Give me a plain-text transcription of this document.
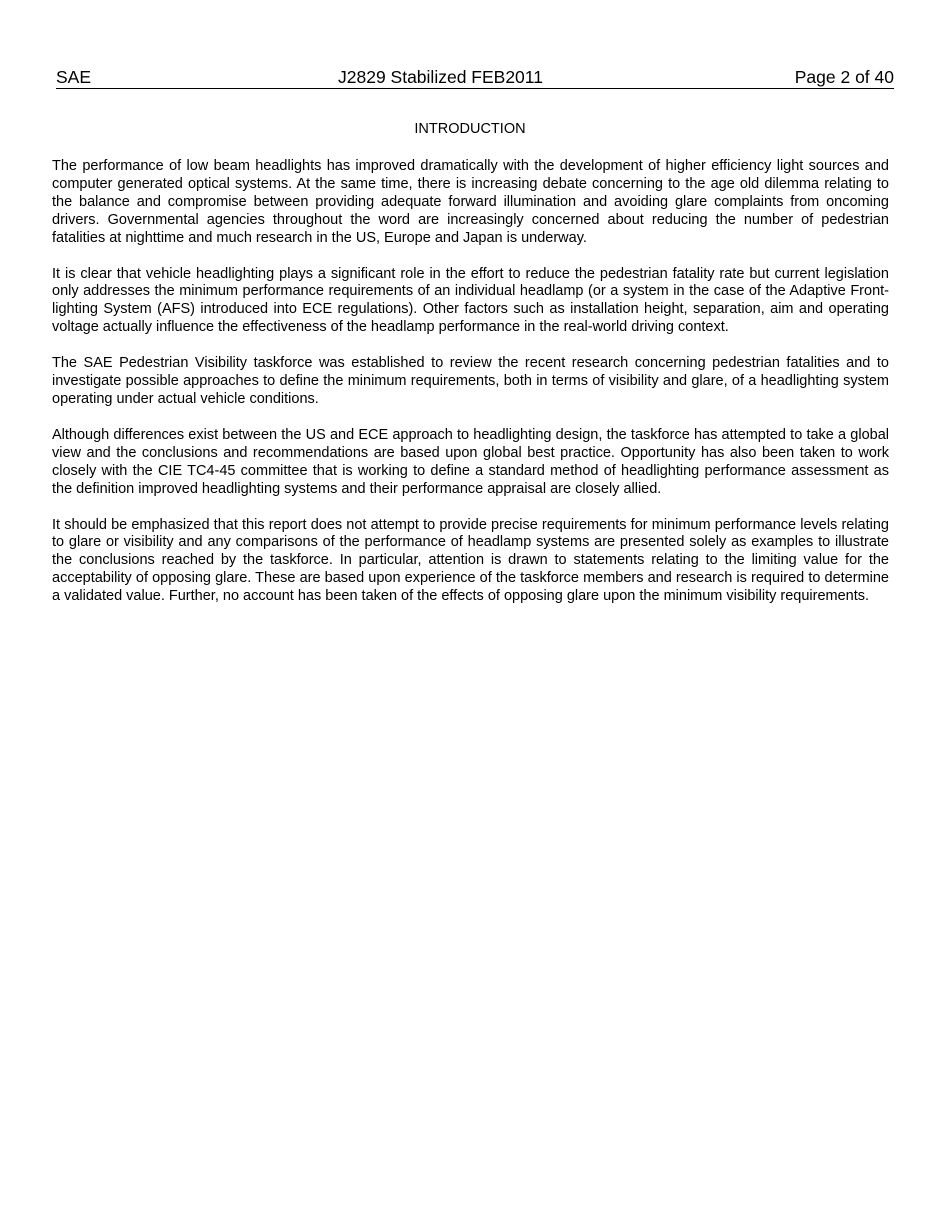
SAE	J2829 Stabilized FEB2011	Page 2 of 40
INTRODUCTION

The performance of low beam headlights has improved dramatically with the development of higher efficiency light sources and computer generated optical systems. At the same time, there is increasing debate concerning to the age old dilemma relating to the balance and compromise between providing adequate forward illumination and avoiding glare complaints from oncoming drivers. Governmental agencies throughout the word are increasingly concerned about reducing the number of pedestrian fatalities at nighttime and much research in the US, Europe and Japan is underway.

It is clear that vehicle headlighting plays a significant role in the effort to reduce the pedestrian fatality rate but current legislation only addresses the minimum performance requirements of an individual headlamp (or a system in the case of the Adaptive Front-lighting System (AFS) introduced into ECE regulations). Other factors such as installation height, separation, aim and operating voltage actually influence the effectiveness of the headlamp performance in the real-world driving context.

The SAE Pedestrian Visibility taskforce was established to review the recent research concerning pedestrian fatalities and to investigate possible approaches to define the minimum requirements, both in terms of visibility and glare, of a headlighting system operating under actual vehicle conditions.

Although differences exist between the US and ECE approach to headlighting design, the taskforce has attempted to take a global view and the conclusions and recommendations are based upon global best practice. Opportunity has also been taken to work closely with the CIE TC4-45 committee that is working to define a standard method of headlighting performance assessment as the definition improved headlighting systems and their performance appraisal are closely allied.

It should be emphasized that this report does not attempt to provide precise requirements for minimum performance levels relating to glare or visibility and any comparisons of the performance of headlamp systems are presented solely as examples to illustrate the conclusions reached by the taskforce. In particular, attention is drawn to statements relating to the limiting value for the acceptability of opposing glare. These are based upon experience of the taskforce members and research is required to determine a validated value. Further, no account has been taken of the effects of opposing glare upon the minimum visibility requirements.
